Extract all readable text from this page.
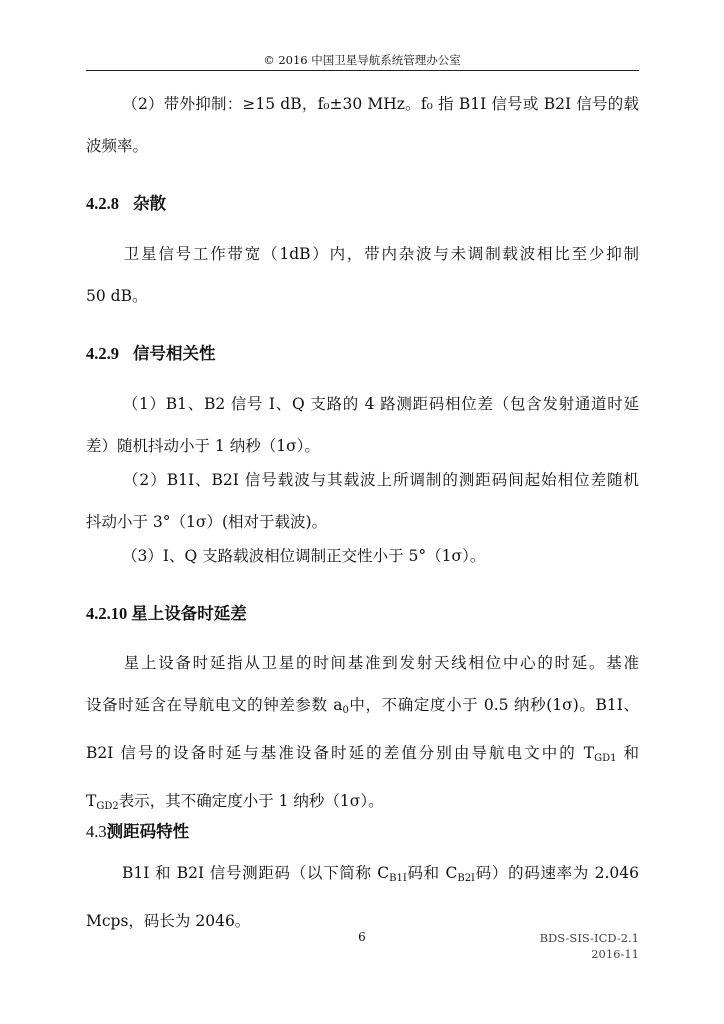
© 2016 中国卫星导航系统管理办公室
（2）带外抑制：≥15 dB，f₀±30 MHz。f₀ 指 B1I 信号或 B2I 信号的载
波频率。
4.2.8 杂散
卫星信号工作带宽（1dB）内，带内杂波与未调制载波相比至少抑制
50 dB。
4.2.9 信号相关性
（1）B1、B2 信号 I、Q 支路的 4 路测距码相位差（包含发射通道时延
差）随机抖动小于 1 纳秒（1σ）。
（2）B1I、B2I 信号载波与其载波上所调制的测距码间起始相位差随机
抖动小于 3°（1σ）(相对于载波)。
（3）I、Q 支路载波相位调制正交性小于 5°（1σ）。
4.2.10 星上设备时延差
星上设备时延指从卫星的时间基准到发射天线相位中心的时延。基准
设备时延含在导航电文的钟差参数 $a_0$中，不确定度小于 0.5 纳秒(1σ)。B1I、
B2I 信号的设备时延与基准设备时延的差值分别由导航电文中的 $T_{GD1}$ 和
$T_{GD2}$表示，其不确定度小于 1 纳秒（1σ）。
4.3测距码特性
B1I 和 B2I 信号测距码（以下简称 $C_{B1I}$码和 $C_{B2I}$码）的码速率为 2.046
Mcps，码长为 2046。
6	BDS-SIS-ICD-2.1
2016-11
